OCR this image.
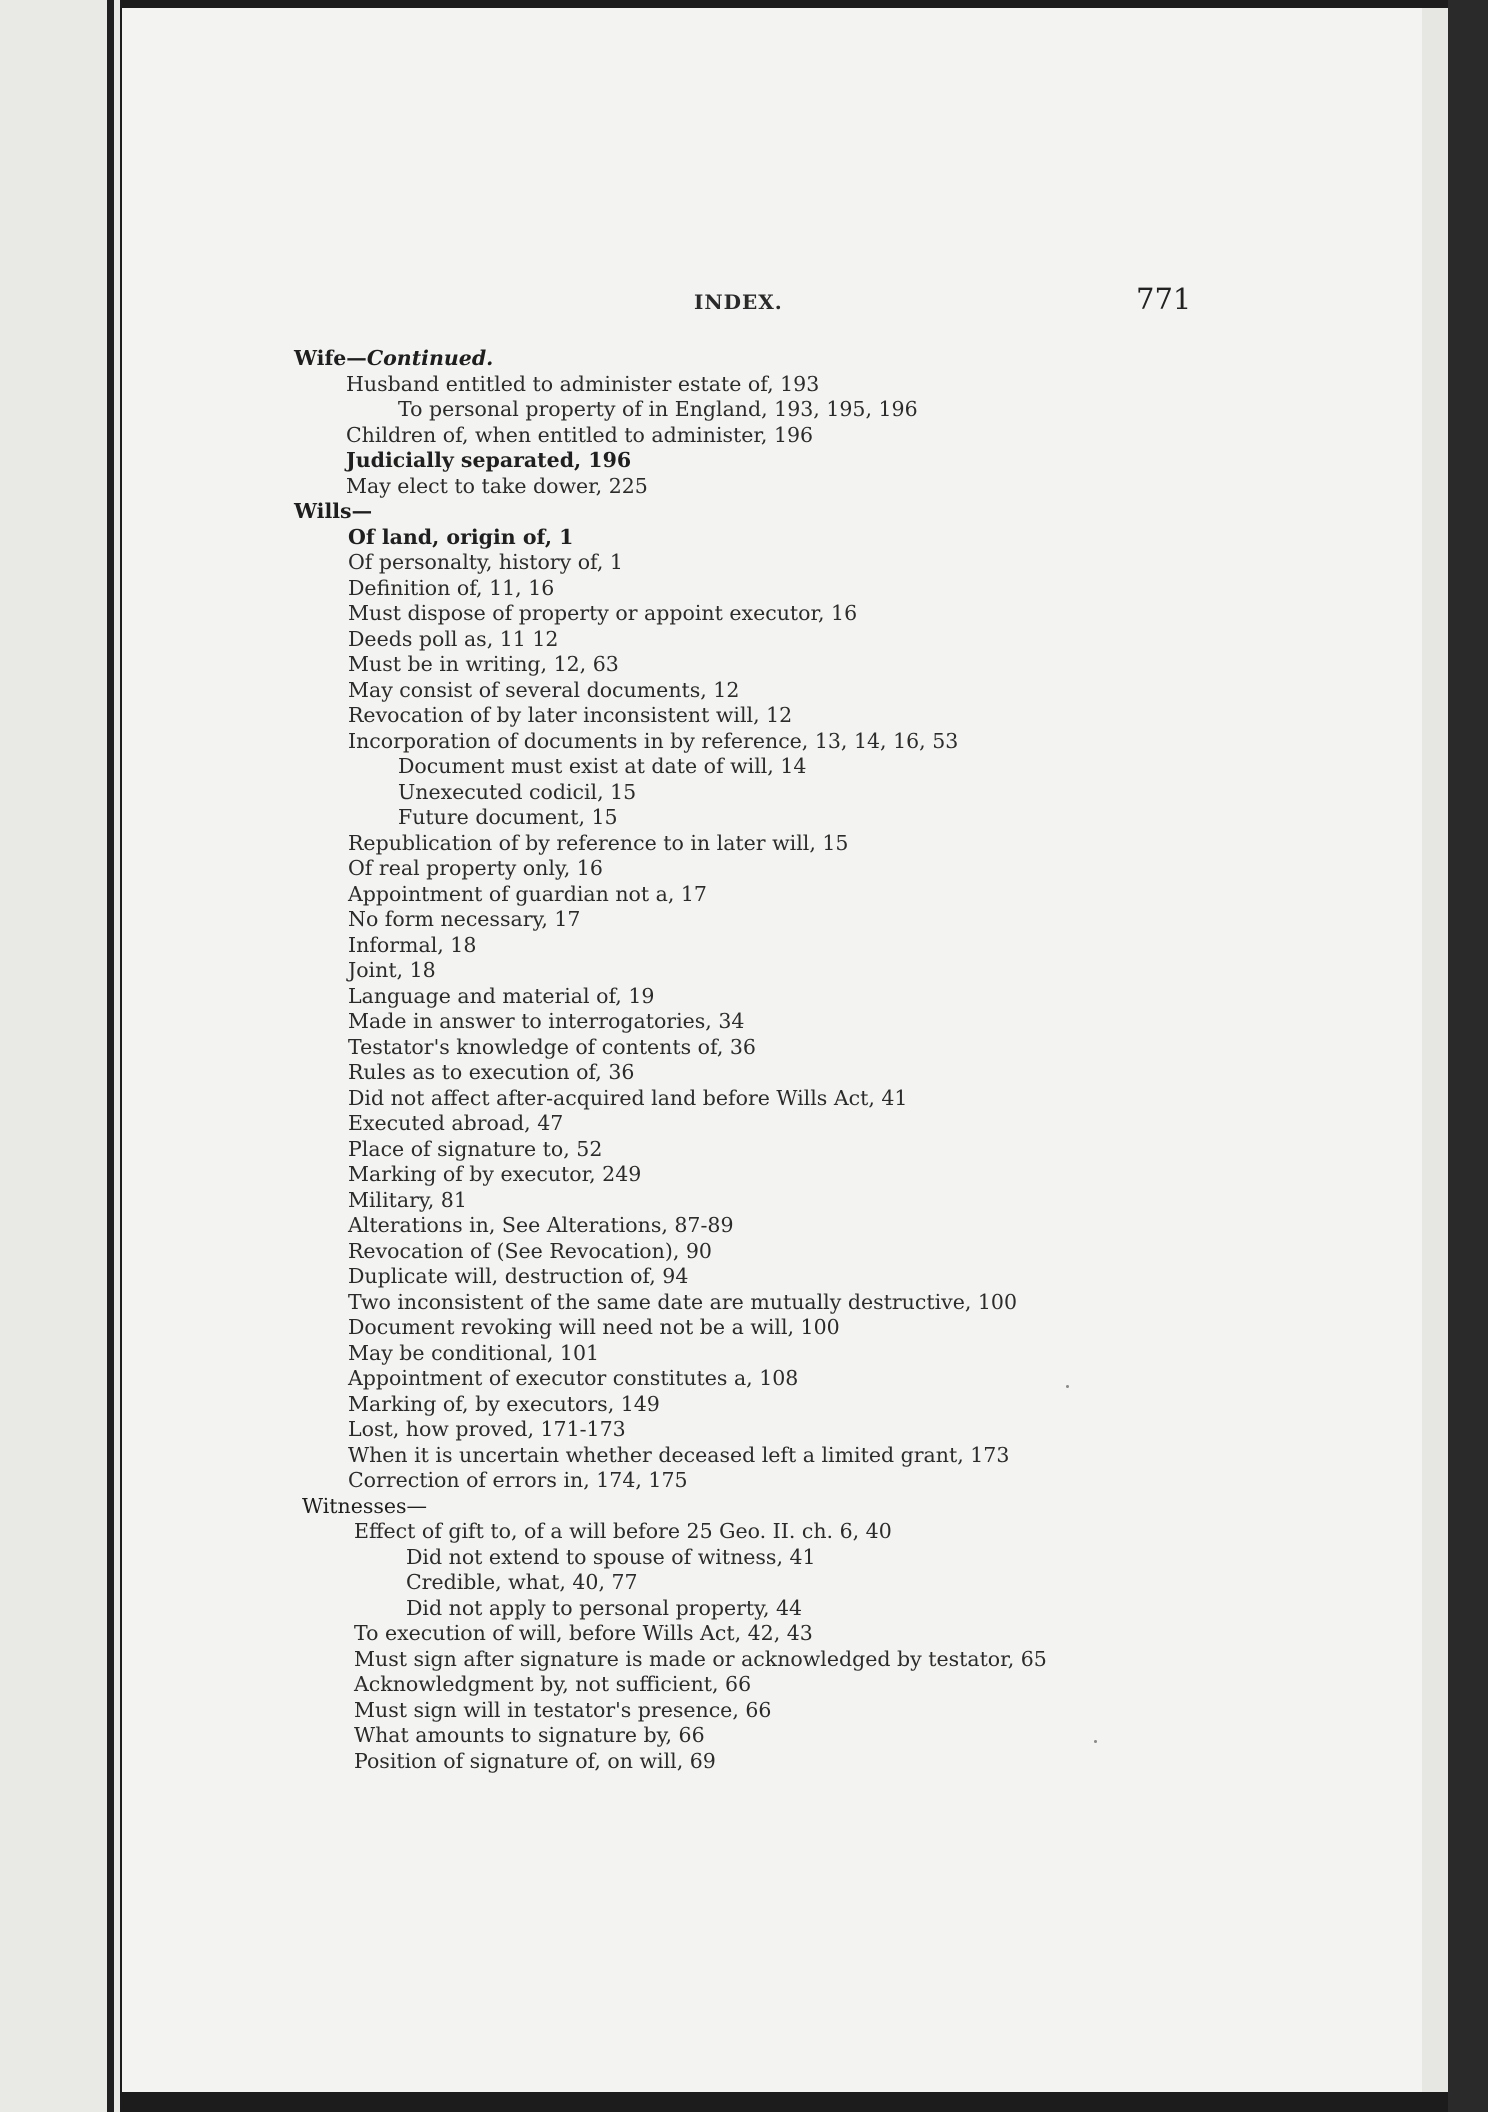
INDEX.	771
Wife—Continued.
Husband entitled to administer estate of, 193
To personal property of in England, 193, 195, 196
Children of, when entitled to administer, 196
Judicially separated, 196
May elect to take dower, 225
Wills—
Of land, origin of, 1
Of personalty, history of, 1
Definition of, 11, 16
Must dispose of property or appoint executor, 16
Deeds poll as, 11 12
Must be in writing, 12, 63
May consist of several documents, 12
Revocation of by later inconsistent will, 12
Incorporation of documents in by reference, 13, 14, 16, 53
Document must exist at date of will, 14
Unexecuted codicil, 15
Future document, 15
Republication of by reference to in later will, 15
Of real property only, 16
Appointment of guardian not a, 17
No form necessary, 17
Informal, 18
Joint, 18
Language and material of, 19
Made in answer to interrogatories, 34
Testator's knowledge of contents of, 36
Rules as to execution of, 36
Did not affect after-acquired land before Wills Act, 41
Executed abroad, 47
Place of signature to, 52
Marking of by executor, 249
Military, 81
Alterations in, See Alterations, 87-89
Revocation of (See Revocation), 90
Duplicate will, destruction of, 94
Two inconsistent of the same date are mutually destructive, 100
Document revoking will need not be a will, 100
May be conditional, 101
Appointment of executor constitutes a, 108
Marking of, by executors, 149
Lost, how proved, 171-173
When it is uncertain whether deceased left a limited grant, 173
Correction of errors in, 174, 175
Witnesses—
Effect of gift to, of a will before 25 Geo. II. ch. 6, 40
Did not extend to spouse of witness, 41
Credible, what, 40, 77
Did not apply to personal property, 44
To execution of will, before Wills Act, 42, 43
Must sign after signature is made or acknowledged by testator, 65
Acknowledgment by, not sufficient, 66
Must sign will in testator's presence, 66
What amounts to signature by, 66
Position of signature of, on will, 69
